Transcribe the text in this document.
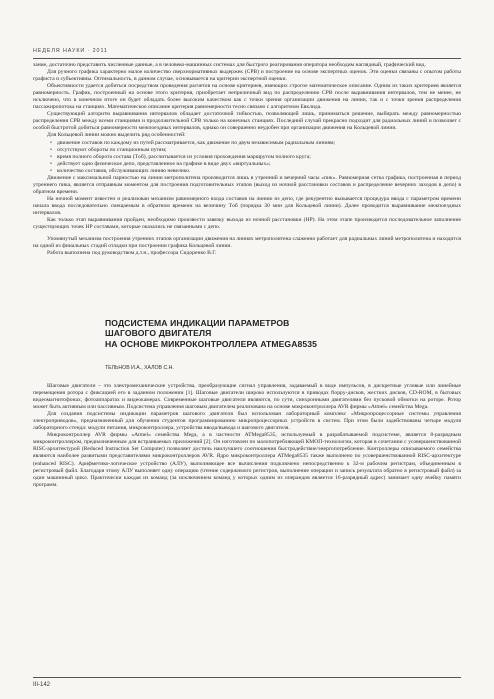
НЕДЕЛЯ НАУКИ · 2011

зание, достаточно представить численные данные, а в человеко-машинных системах для быстрого реагирования оператора необходим наглядный, графический вид.

Для ручного графика характерно малое количество сверхнормативных выдержек (СРВ) и построение на основе экспертных оценок. Эти оценки связаны с опытом работы графиста и субъективны. Оптимальность, в данном случае, основывается на критерии экспертной оценки.

Объективности удается добиться посредством проведения расчетов на основе критериев, имеющих строгое математическое описание. Одним из таких критериев является равномерность. График, построенный на основе этого критерия, приобретает неприличный вид по распределению СРВ после выравнивания интервалов, тем не менее, не исключено, что в конечном итоге он будет обладать более высоким качеством как с точки зрения организации движения на линии, так и с точки зрения распределения пассажиропотока на станциях. Математическое описание критерия равномерности тесно связано с алгоритмом Евклида.

Существующий алгоритм выравнивания интервалов обладает достаточной гибкостью, позволяющей лишь, приниматься решение, выбирать между равномерностью распределения СРВ между всеми станциями и продолжительной СРВ только на конечных станциях. Последний случай прекрасно подходит для радиальных линий и позволяет с особой быстротой добиться равномерности межпоездных интервалов, однако он совершенно неудобен при организации движения на Кольцевой линии.

Для Кольцевой линии можно выделить ряд особенностей:

• движение составов по каждому из путей рассматривается, как движение по двум независимым радиальным линиям;
• отсутствуют обороты по станционным путям;
• время полного оборота состава (Tоб), рассчитывается из условия прохождения маршрутом полного круга;
• действует одно физическое депо, представленное на графике в виде двух «виртуальных»;
• количество составов, обслуживающих линию невелико.

Движение с максимальной парностью на линии метрополитена производится лишь в утренний и вечерний часы «пик». Равномерная сетка графика, построенная в период утреннего пика, является отправным моментом для построения подготовительных этапов (выход из ночной расстановки составов и распределение вечерних заходов в депо) в обратном времени.

На ночной момент известен и реализован механизм равномерного входа составов на линию из депо, где рекурентно вызывается процедура ввода с параметром времени начала ввода последовательно смещаемым в обратном времени на величину Tоб (порядка 30 мин для Кольцевой линии). Далее проводится выравнивание межпоездных интервалов.

Как только этап выравнивания пройден, необходимо произвести завязку выхода из ночной расстановки (НР). На этом этапе производится последовательное заполнение существующих точек НР составами, которые оказались не связанными с депо.

Упомянутый механизм построения утренних этапов организации движения на линиях метрополитена слаженно работает для радиальных линий метрополитена и находится на одной из финальных стадий отладки при построении графика Кольцевой линии.

Работа выполнена под руководством д.т.н., профессора Сидоренко В.Г.

ПОДСИСТЕМА ИНДИКАЦИИ ПАРАМЕТРОВ
ШАГОВОГО ДВИГАТЕЛЯ
НА ОСНОВЕ МИКРОКОНТРОЛЛЕРА ATMEGA8535
ТЕЛЬНОВ И.А., ХАЛОВ С.Н.

Шаговые двигатели – это электромеханические устройства, преобразующие сигнал управления, задаваемый в виде импульсов, в дискретные угловые или линейные перемещения ротора с фиксацией его в заданном положении [1]. Шаговые двигатели широко используются в приводах floppy-дисков, жестких дисков, CD-ROM, в бытовых видеомагнитофонах, фотоаппаратах и видеокамерах. Современные шаговые двигатели являются, по сути, синхронными двигателями без пусковой обмотки на роторе. Ротор может быть активным или пассивным. Подсистема управления шаговым двигателем реализована на основе микроконтроллера AVR фирмы «Atmel» семейства Mega.

Для создания подсистемы индикации параметров шагового двигателя был использован лабораторный комплекс «Микропроцессорные системы управления электроприводов», предназначенный для обучения студентов программированию микропроцессорных устройств в систем. При этом были задействованы четыре модуля лабораторного стенда: модули питания, микроконтроллера, устройства ввода/вывода и шагового двигателя.

Микроконтроллер AVR фирмы «Atmel» семейства Mega, а в частности ATMega8535, используемый в разрабатываемой подсистеме, является 8-разрядным микроконтроллером, предназначенным для встраиваемых приложений [2]. Он изготовлен по малопотребляющей КМОП-технологии, которая в сочетании с усовершенствованной RISC-архитектурой (Reduced Instruction Set Computer) позволяет достичь наилучшего соотношения быстродействие/энергопотребление. Контроллеры описываемого семейства являются наиболее развитыми представителями микроконтроллеров AVR. Ядро микроконтроллера ATMega8535 также выполнено по усовершенствованной RISC-архитектуре (enhanced RISC). Арифметико-логическое устройство (АЛУ), выполняющее все вычисления подключено непосредственно к 32-м рабочим регистрам, объединенным в регистровый файл. Благодаря этому АЛУ выполняет одну операцию (чтение содержимого регистров, выполнение операции и запись результата обратно в регистровый файл) за один машинный цикл. Практически каждая из команд (за исключением команд у которых одним из операндов является 16-разрядный адрес) занимает одну ячейку памяти программ.

III-142
